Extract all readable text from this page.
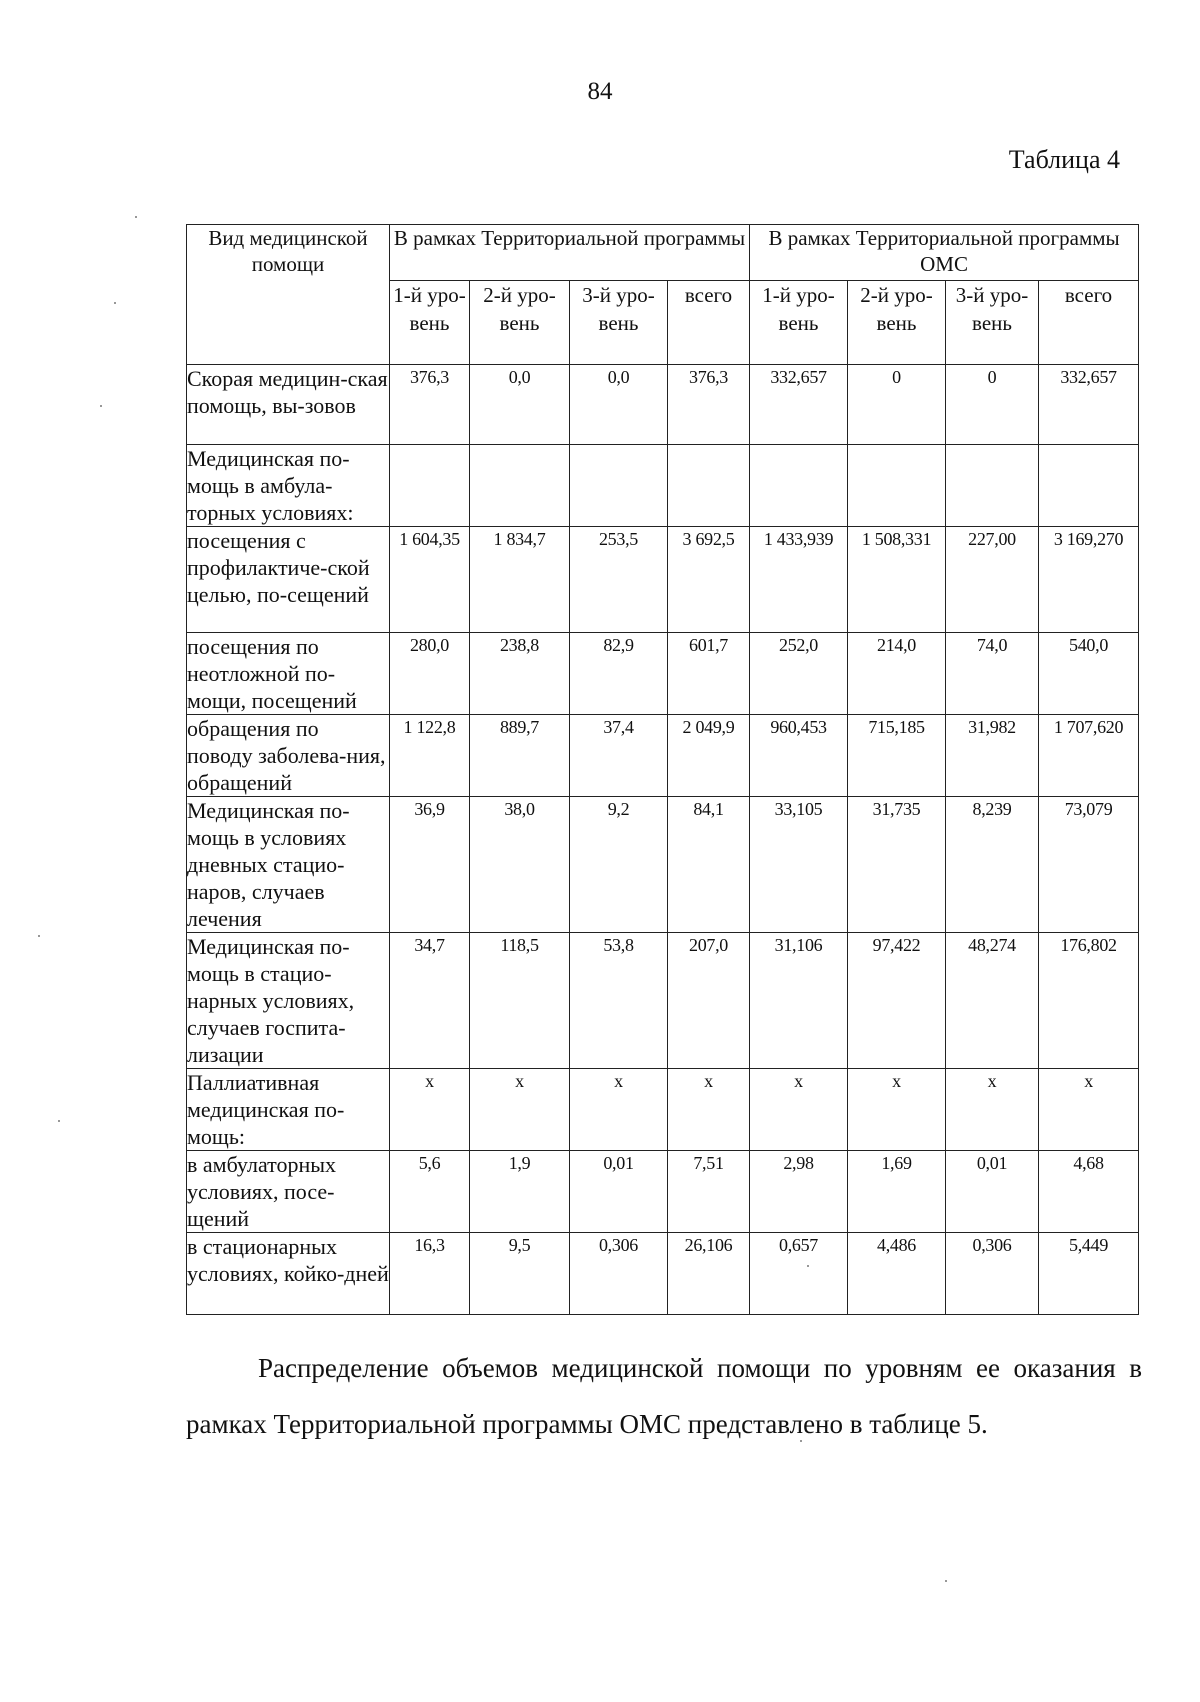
84
Таблица 4
Вид медицинской помощи	В рамках Территориальной программы				В рамках Территориальной программы ОМС			
	1-й уро-вень	2-й уро-вень	3-й уро-вень	всего	1-й уро-вень	2-й уро-вень	3-й уро-вень	всего
Скорая медицин-ская помощь, вы-зовов	376,3	0,0	0,0	376,3	332,657	0	0	332,657
Медицинская по-мощь в амбула-торных условиях:								
посещения с профилактиче-ской целью, по-сещений	1 604,35	1 834,7	253,5	3 692,5	1 433,939	1 508,331	227,00	3 169,270
посещения по неотложной по-мощи, посещений	280,0	238,8	82,9	601,7	252,0	214,0	74,0	540,0
обращения по поводу заболева-ния, обращений	1 122,8	889,7	37,4	2 049,9	960,453	715,185	31,982	1 707,620
Медицинская по-мощь в условиях дневных стацио-наров, случаев лечения	36,9	38,0	9,2	84,1	33,105	31,735	8,239	73,079
Медицинская по-мощь в стацио-нарных условиях, случаев госпита-лизации	34,7	118,5	53,8	207,0	31,106	97,422	48,274	176,802
Паллиативная медицинская по-мощь:	х	х	х	х	х	х	х	х
в амбулаторных условиях, посе-щений	5,6	1,9	0,01	7,51	2,98	1,69	0,01	4,68
в стационарных условиях, койко-дней	16,3	9,5	0,306	26,106	0,657	4,486	0,306	5,449
Распределение объемов медицинской помощи по уровням ее оказания в рамках Территориальной программы ОМС представлено в таблице 5.
